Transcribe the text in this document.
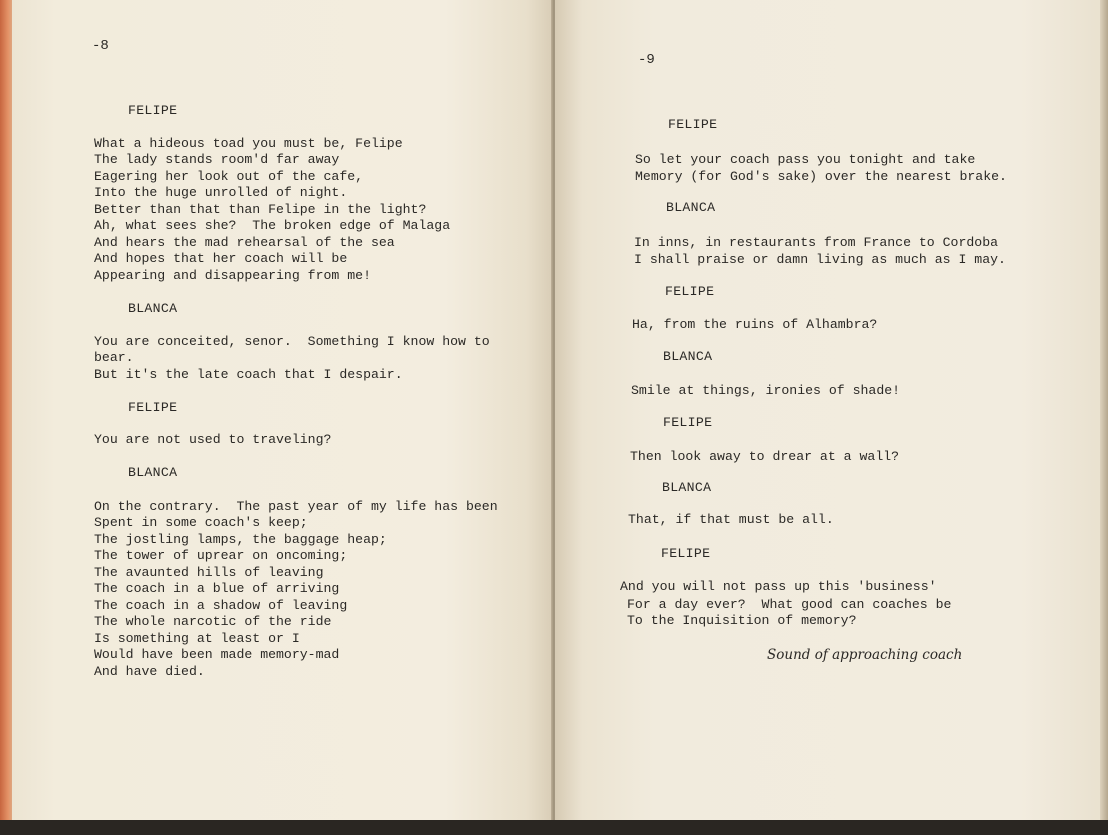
-8
FELIPE
What a hideous toad you must be, Felipe
The lady stands room'd far away
Eagering her look out of the cafe,
Into the huge unrolled of night.
Better than that than Felipe in the light?
Ah, what sees she?  The broken edge of Malaga
And hears the mad rehearsal of the sea
And hopes that her coach will be
Appearing and disappearing from me!
BLANCA
You are conceited, senor.  Something I know how to
bear.
But it's the late coach that I despair.
FELIPE
You are not used to traveling?
BLANCA
On the contrary.  The past year of my life has been
Spent in some coach's keep;
The jostling lamps, the baggage heap;
The tower of uprear on oncoming;
The avaunted hills of leaving
The coach in a blue of arriving
The coach in a shadow of leaving
The whole narcotic of the ride
Is something at least or I
Would have been made memory-mad
And have died.
-9
FELIPE
So let your coach pass you tonight and take
Memory (for God's sake) over the nearest brake.
BLANCA
In inns, in restaurants from France to Cordoba
I shall praise or damn living as much as I may.
FELIPE
Ha, from the ruins of Alhambra?
BLANCA
Smile at things, ironies of shade!
FELIPE
Then look away to drear at a wall?
BLANCA
That, if that must be all.
FELIPE
And you will not pass up this 'business'
For a day ever?  What good can coaches be
To the Inquisition of memory?
Sound of approaching coach
